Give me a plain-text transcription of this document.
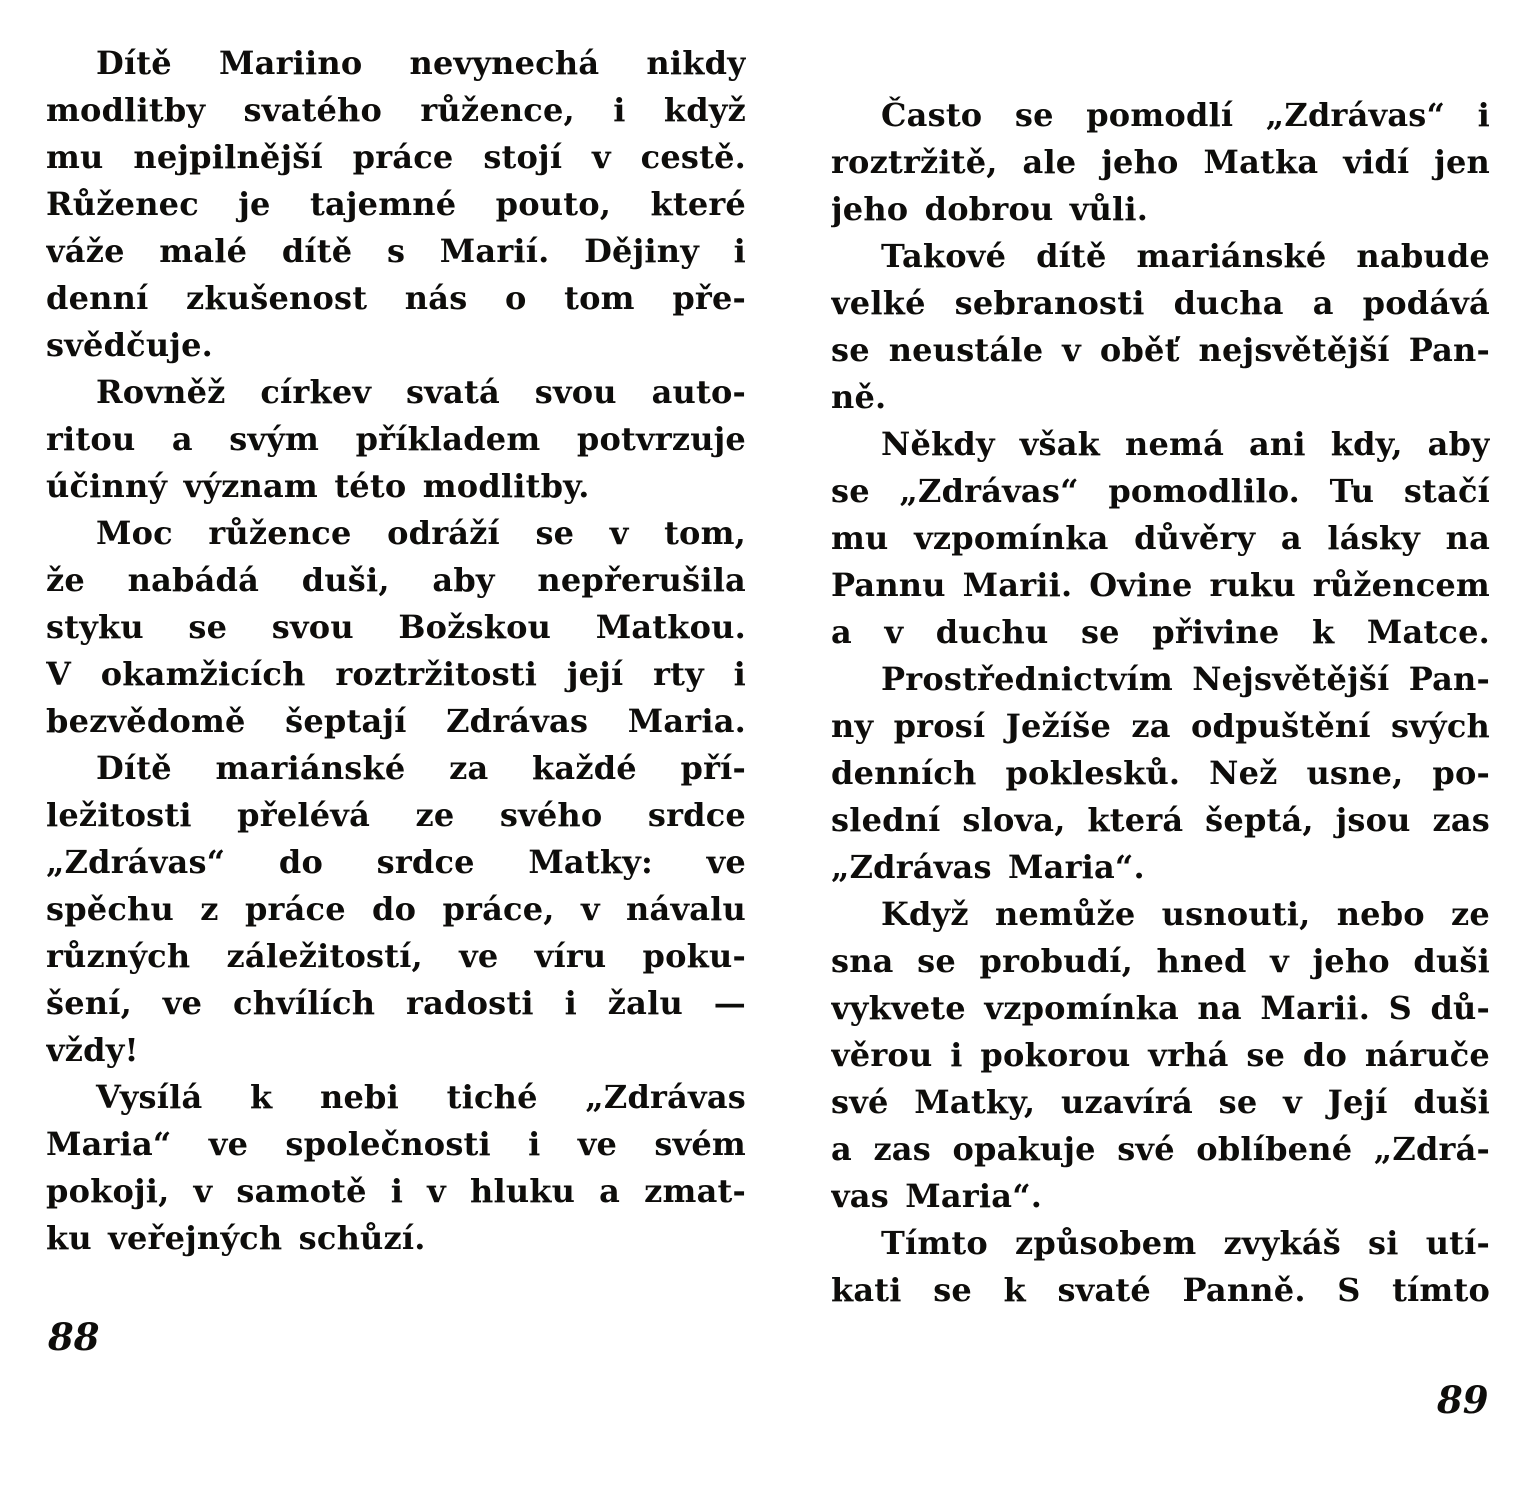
Dítě Mariino nevynechá nikdy
modlitby svatého růžence, i když
mu nejpilnější práce stojí v cestě.
Růženec je tajemné pouto, které
váže malé dítě s Marií. Dějiny i
denní zkušenost nás o tom pře-
svědčuje.
Rovněž církev svatá svou auto-
ritou a svým příkladem potvrzuje
účinný význam této modlitby.
Moc růžence odráží se v tom,
že nabádá duši, aby nepřerušila
styku se svou Božskou Matkou.
V okamžicích roztržitosti její rty i
bezvědomě šeptají Zdrávas Maria.
Dítě mariánské za každé pří-
ležitosti přelévá ze svého srdce
„Zdrávas“ do srdce Matky: ve
spěchu z práce do práce, v návalu
různých záležitostí, ve víru poku-
šení, ve chvílích radosti i žalu —
vždy!
Vysílá k nebi tiché „Zdrávas
Maria“ ve společnosti i ve svém
pokoji, v samotě i v hluku a zmat-
ku veřejných schůzí.
Často se pomodlí „Zdrávas“ i
roztržitě, ale jeho Matka vidí jen
jeho dobrou vůli.
Takové dítě mariánské nabude
velké sebranosti ducha a podává
se neustále v oběť nejsvětější Pan-
ně.
Někdy však nemá ani kdy, aby
se „Zdrávas“ pomodlilo. Tu stačí
mu vzpomínka důvěry a lásky na
Pannu Marii. Ovine ruku růžencem
a v duchu se přivine k Matce.
Prostřednictvím Nejsvětější Pan-
ny prosí Ježíše za odpuštění svých
denních poklesků. Než usne, po-
slední slova, která šeptá, jsou zas
„Zdrávas Maria“.
Když nemůže usnouti, nebo ze
sna se probudí, hned v jeho duši
vykvete vzpomínka na Marii. S dů-
věrou i pokorou vrhá se do náruče
své Matky, uzavírá se v Její duši
a zas opakuje své oblíbené „Zdrá-
vas Maria“.
Tímto způsobem zvykáš si utí-
kati se k svaté Panně. S tímto
88
89
